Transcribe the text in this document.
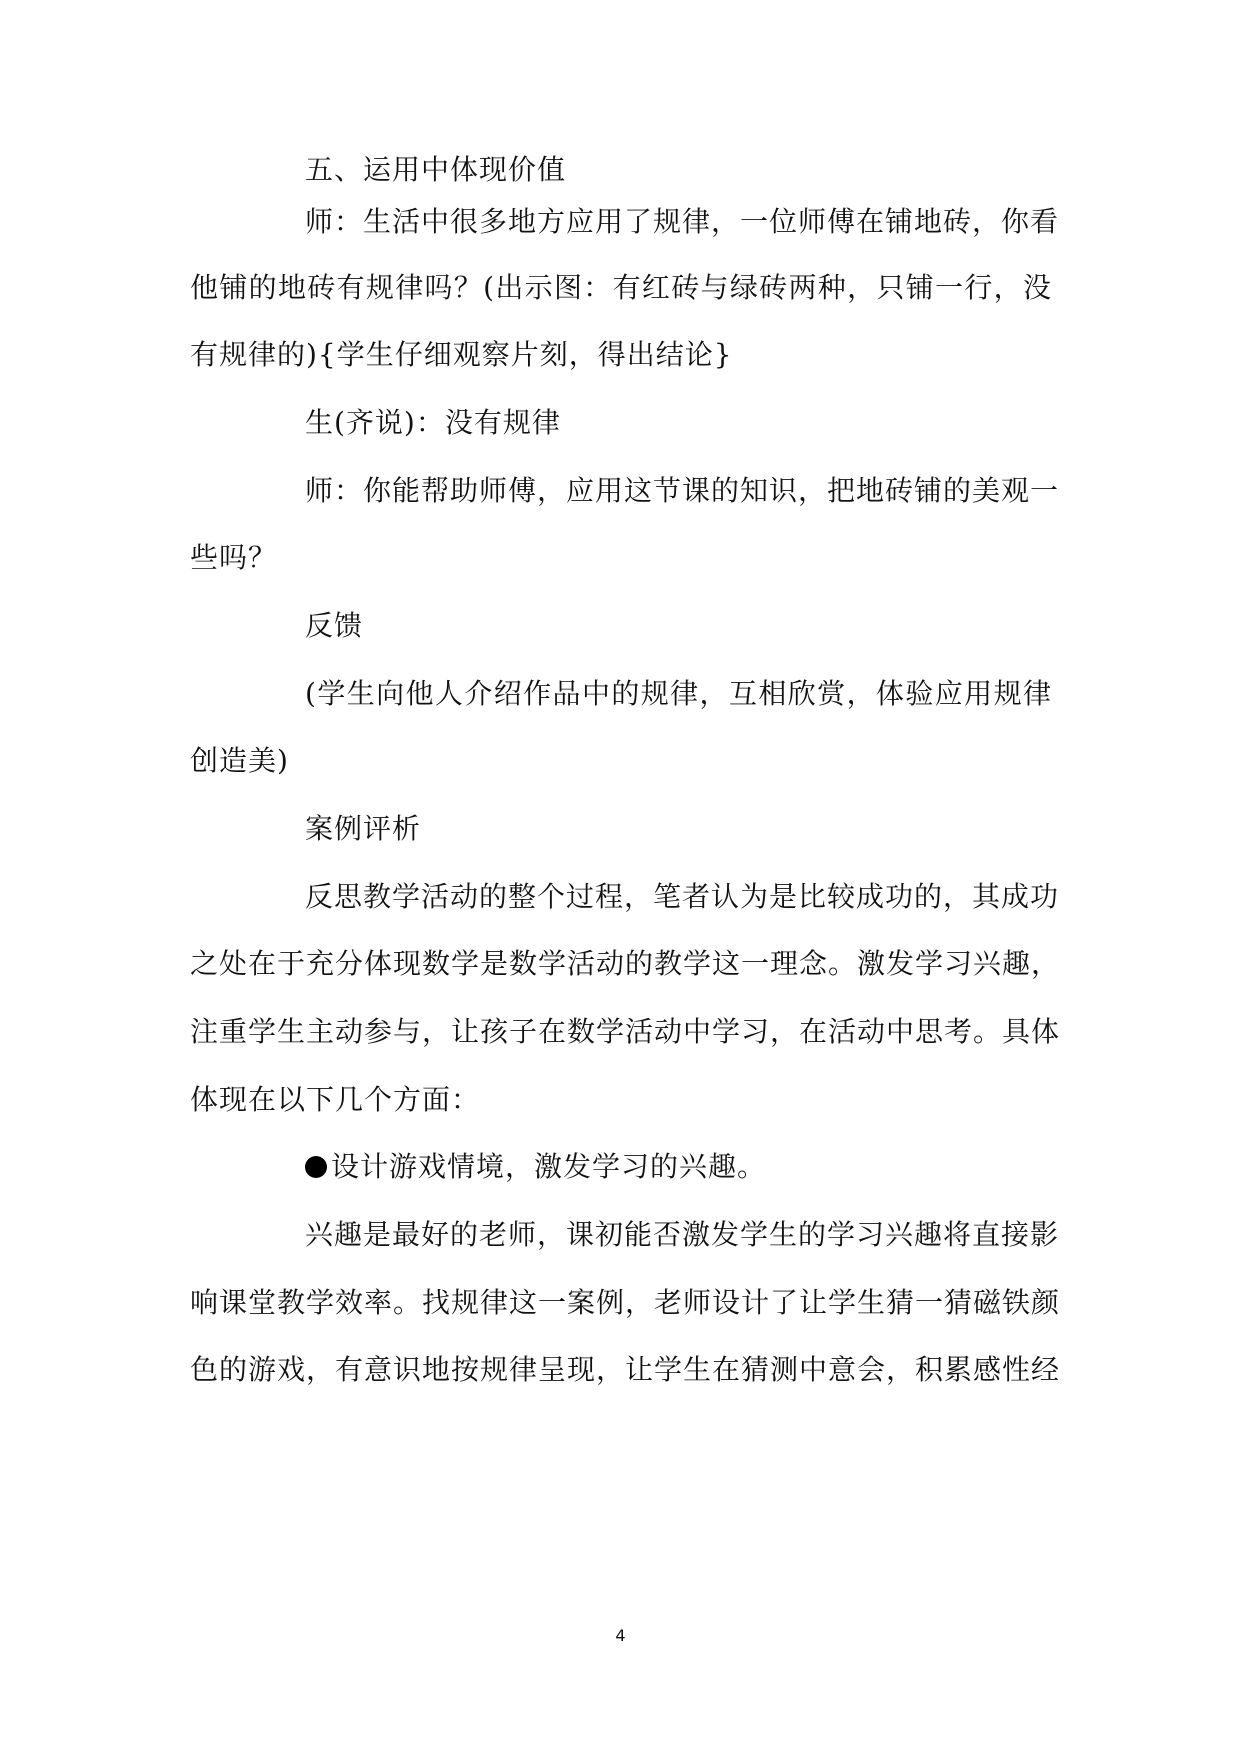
五、运用中体现价值
师：生活中很多地方应用了规律，一位师傅在铺地砖，你看
他铺的地砖有规律吗？(出示图：有红砖与绿砖两种，只铺一行，没
有规律的){学生仔细观察片刻，得出结论}
生(齐说)：没有规律
师：你能帮助师傅，应用这节课的知识，把地砖铺的美观一
些吗？
反馈
(学生向他人介绍作品中的规律，互相欣赏，体验应用规律
创造美)
案例评析
反思教学活动的整个过程，笔者认为是比较成功的，其成功
之处在于充分体现数学是数学活动的教学这一理念。激发学习兴趣，
注重学生主动参与，让孩子在数学活动中学习，在活动中思考。具体
体现在以下几个方面：
设计游戏情境，激发学习的兴趣。
兴趣是最好的老师，课初能否激发学生的学习兴趣将直接影
响课堂教学效率。找规律这一案例，老师设计了让学生猜一猜磁铁颜
色的游戏，有意识地按规律呈现，让学生在猜测中意会，积累感性经
4
